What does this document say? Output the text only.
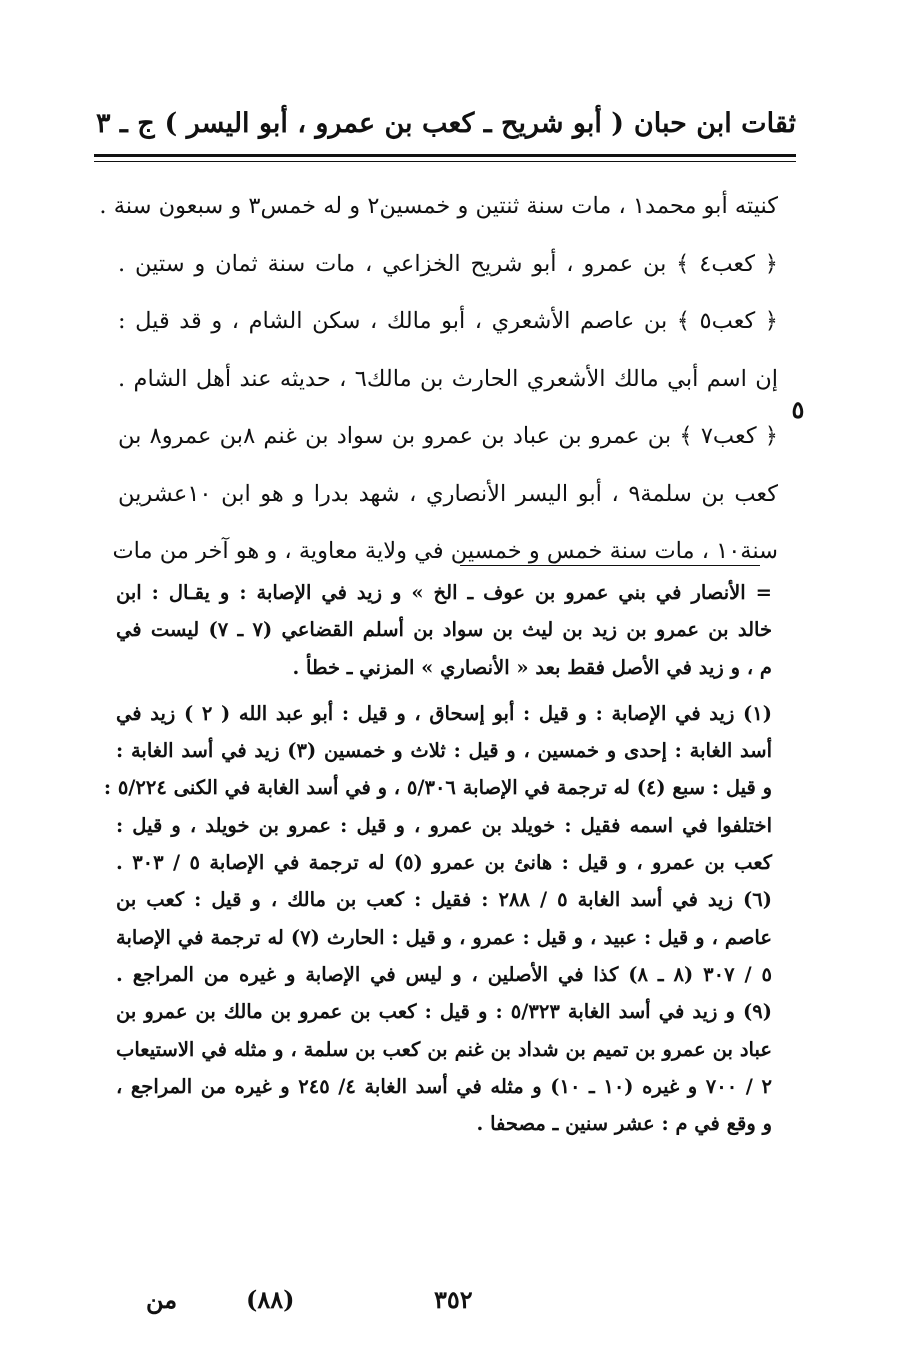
ثقات ابن حبان
( أبو شريح ـ كعب بن عمرو ، أبو اليسر )
ج ـ ٣
كنيته أبو محمد١ ، مات سنة ثنتين و خمسين٢ و له خمس٣ و سبعون سنة .
﴿ كعب٤ ﴾ بن عمرو ، أبو شريح الخزاعي ، مات سنة ثمان و ستين .
﴿ كعب٥ ﴾ بن عاصم الأشعري ، أبو مالك ، سكن الشام ، و قد قيل :
إن اسم أبي مالك الأشعري الحارث بن مالك٦ ، حديثه عند أهل الشام .
﴿ كعب٧ ﴾ بن عمرو بن عباد بن عمرو بن سواد بن غنم ٨بن عمرو٨ بن
كعب بن سلمة٩ ، أبو اليسر الأنصاري ، شهد بدرا و هو ابن ١٠عشرين
سنة١٠ ، مات سنة خمس و خمسين في ولاية معاوية ، و هو آخر من مات
٥
= الأنصار في بني عمرو بن عوف ـ الخ » و زيد في الإصابة : و يقـال : ابن
خالد بن عمرو بن زيد بن ليث بن سواد بن أسلم القضاعي (٧ ـ ٧) ليست في
م ، و زيد في الأصل فقط بعد « الأنصاري » المزني ـ خطأ .
(١) زيد في الإصابة : و قيل : أبو إسحاق ، و قيل : أبو عبد الله ( ٢ ) زيد في
أسد الغابة : إحدى و خمسين ، و قيل : ثلاث و خمسين (٣) زيد في أسد الغابة :
و قيل : سبع (٤) له ترجمة في الإصابة ٥/٣٠٦ ، و في أسد الغابة في الكنى ٥/٢٢٤ :
اختلفوا في اسمه فقيل : خويلد بن عمرو ، و قيل : عمرو بن خويلد ، و قيل :
كعب بن عمرو ، و قيل : هانئ بن عمرو (٥) له ترجمة في الإصابة ٥ / ٣٠٣ .
(٦) زيد في أسد الغابة ٥ / ٢٨٨ : فقيل : كعب بن مالك ، و قيل : كعب بن
عاصم ، و قيل : عبيد ، و قيل : عمرو ، و قيل : الحارث (٧) له ترجمة في الإصابة
٥ / ٣٠٧ (٨ ـ ٨) كذا في الأصلين ، و ليس في الإصابة و غيره من المراجع .
(٩) و زيد في أسد الغابة ٥/٣٢٣ : و قيل : كعب بن عمرو بن مالك بن عمرو بن
عباد بن عمرو بن تميم بن شداد بن غنم بن كعب بن سلمة ، و مثله في الاستيعاب
٢ / ٧٠٠ و غيره (١٠ ـ ١٠) و مثله في أسد الغابة ٤/ ٢٤٥ و غيره من المراجع ،
و وقع في م : عشر سنين ـ مصحفا .
من	(٨٨)	٣٥٢
